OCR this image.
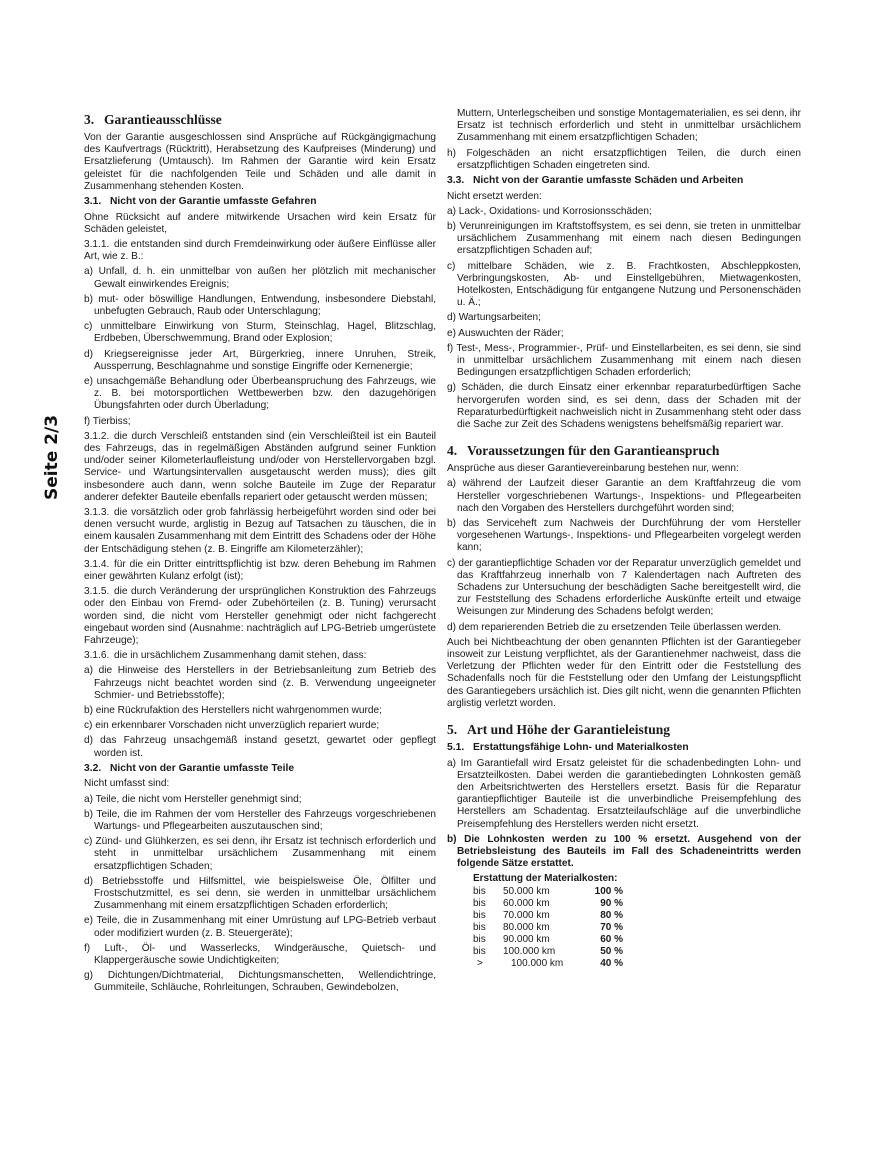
Seite 2/3
3. Garantieausschlüsse

Von der Garantie ausgeschlossen sind Ansprüche auf Rückgängigmachung des Kaufvertrags (Rücktritt), Herabsetzung des Kaufpreises (Minderung) und Ersatzlieferung (Umtausch). Im Rahmen der Garantie wird kein Ersatz geleistet für die nachfolgenden Teile und Schäden und alle damit in Zusammenhang stehenden Kosten.

3.1. Nicht von der Garantie umfasste Gefahren

Ohne Rücksicht auf andere mitwirkende Ursachen wird kein Ersatz für Schäden geleistet,

3.1.1. die entstanden sind durch Fremdeinwirkung oder äußere Einflüsse aller Art, wie z. B.:

a) Unfall, d. h. ein unmittelbar von außen her plötzlich mit mechanischer Gewalt einwirkendes Ereignis;
b) mut- oder böswillige Handlungen, Entwendung, insbesondere Diebstahl, unbefugten Gebrauch, Raub oder Unterschlagung;
c) unmittelbare Einwirkung von Sturm, Steinschlag, Hagel, Blitzschlag, Erdbeben, Überschwemmung, Brand oder Explosion;
d) Kriegsereignisse jeder Art, Bürgerkrieg, innere Unruhen, Streik, Aussperrung, Beschlagnahme und sonstige Eingriffe oder Kernenergie;
e) unsachgemäße Behandlung oder Überbeanspruchung des Fahrzeugs, wie z. B. bei motorsportlichen Wettbewerben bzw. den dazugehörigen Übungsfahrten oder durch Überladung;
f) Tierbiss;

3.1.2. die durch Verschleiß entstanden sind (ein Verschleißteil ist ein Bauteil des Fahrzeugs, das in regelmäßigen Abständen aufgrund seiner Funktion und/oder seiner Kilometerlaufleistung und/oder von Herstellervorgaben bzgl. Service- und Wartungsintervallen ausgetauscht werden muss); dies gilt insbesondere auch dann, wenn solche Bauteile im Zuge der Reparatur anderer defekter Bauteile ebenfalls repariert oder getauscht werden müssen;

3.1.3. die vorsätzlich oder grob fahrlässig herbeigeführt worden sind oder bei denen versucht wurde, arglistig in Bezug auf Tatsachen zu täuschen, die in einem kausalen Zusammenhang mit dem Eintritt des Schadens oder der Höhe der Entschädigung stehen (z. B. Eingriffe am Kilometerzähler);

3.1.4. für die ein Dritter eintrittspflichtig ist bzw. deren Behebung im Rahmen einer gewährten Kulanz erfolgt (ist);

3.1.5. die durch Veränderung der ursprünglichen Konstruktion des Fahrzeugs oder den Einbau von Fremd- oder Zubehörteilen (z. B. Tuning) verursacht worden sind, die nicht vom Hersteller genehmigt oder nicht fachgerecht eingebaut worden sind (Ausnahme: nachträglich auf LPG-Betrieb umgerüstete Fahrzeuge);

3.1.6. die in ursächlichem Zusammenhang damit stehen, dass:

a) die Hinweise des Herstellers in der Betriebsanleitung zum Betrieb des Fahrzeugs nicht beachtet worden sind (z. B. Verwendung ungeeigneter Schmier- und Betriebsstoffe);
b) eine Rückrufaktion des Herstellers nicht wahrgenommen wurde;
c) ein erkennbarer Vorschaden nicht unverzüglich repariert wurde;
d) das Fahrzeug unsachgemäß instand gesetzt, gewartet oder gepflegt worden ist.
3.2. Nicht von der Garantie umfasste Teile

Nicht umfasst sind:

a) Teile, die nicht vom Hersteller genehmigt sind;
b) Teile, die im Rahmen der vom Hersteller des Fahrzeugs vorgeschriebenen Wartungs- und Pflegearbeiten auszutauschen sind;
c) Zünd- und Glühkerzen, es sei denn, ihr Ersatz ist technisch erforderlich und steht in unmittelbar ursächlichem Zusammenhang mit einem ersatzpflichtigen Schaden;
d) Betriebsstoffe und Hilfsmittel, wie beispielsweise Öle, Ölfilter und Frostschutzmittel, es sei denn, sie werden in unmittelbar ursächlichem Zusammenhang mit einem ersatzpflichtigen Schaden erforderlich;
e) Teile, die in Zusammenhang mit einer Umrüstung auf LPG-Betrieb verbaut oder modifiziert wurden (z. B. Steuergeräte);
f) Luft-, Öl- und Wasserlecks, Windgeräusche, Quietsch- und Klappergeräusche sowie Undichtigkeiten;
g) Dichtungen/Dichtmaterial, Dichtungsmanschetten, Wellendichtringe, Gummiteile, Schläuche, Rohrleitungen, Schrauben, Gewindebolzen,

Muttern, Unterlegscheiben und sonstige Montagematerialien, es sei denn, ihr Ersatz ist technisch erforderlich und steht in unmittelbar ursächlichem Zusammenhang mit einem ersatzpflichtigen Schaden;

h) Folgeschäden an nicht ersatzpflichtigen Teilen, die durch einen ersatzpflichtigen Schaden eingetreten sind.
3.3. Nicht von der Garantie umfasste Schäden und Arbeiten

Nicht ersetzt werden:

a) Lack-, Oxidations- und Korrosionsschäden;
b) Verunreinigungen im Kraftstoffsystem, es sei denn, sie treten in unmittelbar ursächlichem Zusammenhang mit einem nach diesen Bedingungen ersatzpflichtigen Schaden auf;
c) mittelbare Schäden, wie z. B. Frachtkosten, Abschleppkosten, Verbringungskosten, Ab- und Einstellgebühren, Mietwagenkosten, Hotelkosten, Entschädigung für entgangene Nutzung und Personenschäden u. Ä.;
d) Wartungsarbeiten;
e) Auswuchten der Räder;
f) Test-, Mess-, Programmier-, Prüf- und Einstellarbeiten, es sei denn, sie sind in unmittelbar ursächlichem Zusammenhang mit einem nach diesen Bedingungen ersatzpflichtigen Schaden erforderlich;
g) Schäden, die durch Einsatz einer erkennbar reparaturbedürftigen Sache hervorgerufen worden sind, es sei denn, dass der Schaden mit der Reparaturbedürftigkeit nachweislich nicht in Zusammenhang steht oder dass die Sache zur Zeit des Schadens wenigstens behelfsmäßig repariert war.
4. Voraussetzungen für den Garantieanspruch

Ansprüche aus dieser Garantievereinbarung bestehen nur, wenn:

a) während der Laufzeit dieser Garantie an dem Kraftfahrzeug die vom Hersteller vorgeschriebenen Wartungs-, Inspektions- und Pflegearbeiten nach den Vorgaben des Herstellers durchgeführt worden sind;
b) das Serviceheft zum Nachweis der Durchführung der vom Hersteller vorgesehenen Wartungs-, Inspektions- und Pflegearbeiten vorgelegt werden kann;
c) der garantiepflichtige Schaden vor der Reparatur unverzüglich gemeldet und das Kraftfahrzeug innerhalb von 7 Kalendertagen nach Auftreten des Schadens zur Untersuchung der beschädigten Sache bereitgestellt wird, die zur Feststellung des Schadens erforderliche Auskünfte erteilt und etwaige Weisungen zur Minderung des Schadens befolgt werden;
d) dem reparierenden Betrieb die zu ersetzenden Teile überlassen werden.

Auch bei Nichtbeachtung der oben genannten Pflichten ist der Garantiegeber insoweit zur Leistung verpflichtet, als der Garantienehmer nachweist, dass die Verletzung der Pflichten weder für den Eintritt oder die Feststellung des Schadenfalls noch für die Feststellung oder den Umfang der Leistungspflicht des Garantiegebers ursächlich ist. Dies gilt nicht, wenn die genannten Pflichten arglistig verletzt worden.

5. Art und Höhe der Garantieleistung
5.1. Erstattungsfähige Lohn- und Materialkosten
a) Im Garantiefall wird Ersatz geleistet für die schadenbedingten Lohn- und Ersatzteilkosten. Dabei werden die garantiebedingten Lohnkosten gemäß den Arbeitsrichtwerten des Herstellers ersetzt. Basis für die Reparatur garantiepflichtiger Bauteile ist die unverbindliche Preisempfehlung des Herstellers am Schadentag. Ersatzteilaufschläge auf die unverbindliche Preisempfehlung des Herstellers werden nicht ersetzt.
b) Die Lohnkosten werden zu 100 % ersetzt. Ausgehend von der Betriebsleistung des Bauteils im Fall des Schadeneintritts werden folgende Sätze erstattet.
Erstattung der Materialkosten:
bis	50.000 km	100 %
bis	60.000 km	90 %
bis	70.000 km	80 %
bis	80.000 km	70 %
bis	90.000 km	60 %
bis	100.000 km	50 %
>	100.000 km	40 %
